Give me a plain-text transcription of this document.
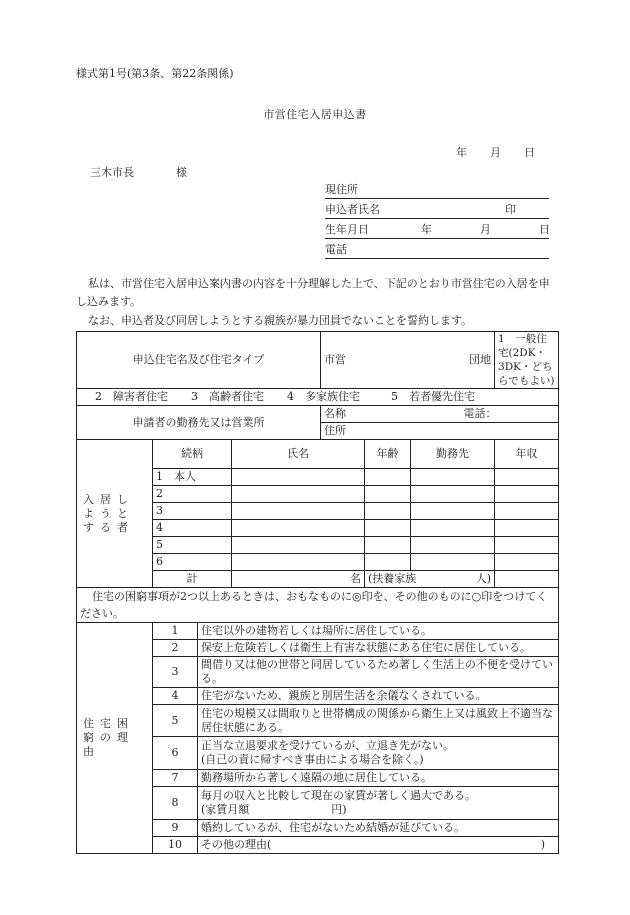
様式第1号(第3条、第22条関係)
市営住宅入居申込書
年 月 日
三木市長	様
現住所
申込者氏名	印
生年月日	年	月	日
電話
私は、市営住宅入居申込案内書の内容を十分理解した上で、下記のとおり市営住宅の入居を申し込みます。
なお、申込者及び同居しようとする親族が暴力団員でないことを誓約します。
申込住宅名及び住宅タイプ				市営 団地			1　一般住宅(2DK・3DK・どちらでもよい)	
2　障害者住宅 3　高齢者住宅 4　多家族住宅 5　若者優先住宅								
申請者の勤務先又は営業所				名称 電話：				
				住所				
入居しようとする者	続柄		氏名		年齢	勤務先	年収	
	1　本人							
	2							
	3							
	4							
	5							
	6							
	計		名		(扶養家族 人)			

住宅の困窮事項が2つ以上あるときは、おもなものに◎印を、その他のものに○印をつけてください。								
住宅困窮の理由	1	住宅以外の建物若しくは場所に居住している。						
	2	保安上危険若しくは衛生上有害な状態にある住宅に居住している。						
	3	間借り又は他の世帯と同居しているため著しく生活上の不便を受けている。						
	4	住宅がないため、親族と別居生活を余儀なくされている。						
	5	住宅の規模又は間取りと世帯構成の関係から衛生上又は風致上不適当な居住状態にある。						
	6	正当な立退要求を受けているが、立退き先がない。
(自己の責に帰すべき事由による場合を除く。)						

	7	勤務場所から著しく遠隔の地に居住している。						
	8	毎月の収入と比較して現在の家賃が著しく過大である。
(家賃月額 円)						

	9	婚約しているが、住宅がないため結婚が延びている。						
	10	その他の理由( )						
